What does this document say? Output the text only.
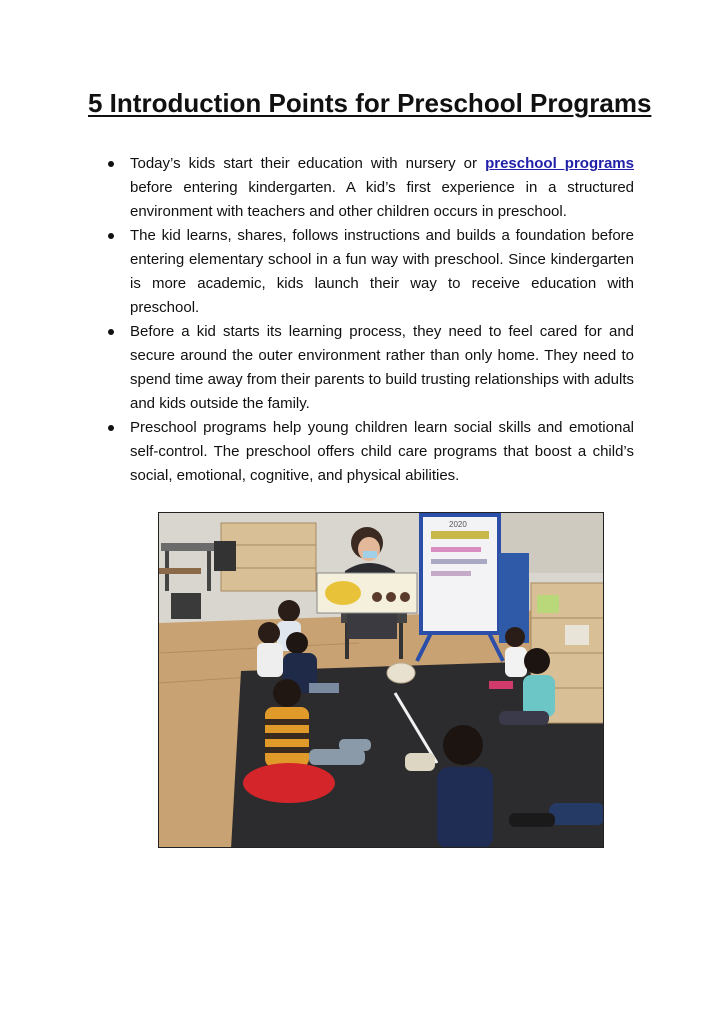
5 Introduction Points for Preschool Programs
Today’s kids start their education with nursery or preschool programs before entering kindergarten. A kid’s first experience in a structured environment with teachers and other children occurs in preschool.
The kid learns, shares, follows instructions and builds a foundation before entering elementary school in a fun way with preschool. Since kindergarten is more academic, kids launch their way to receive education with preschool.
Before a kid starts its learning process, they need to feel cared for and secure around the outer environment rather than only home. They need to spend time away from their parents to build trusting relationships with adults and kids outside the family.
Preschool programs help young children learn social skills and emotional self-control. The preschool offers child care programs that boost a child’s social, emotional, cognitive, and physical abilities.
2020
